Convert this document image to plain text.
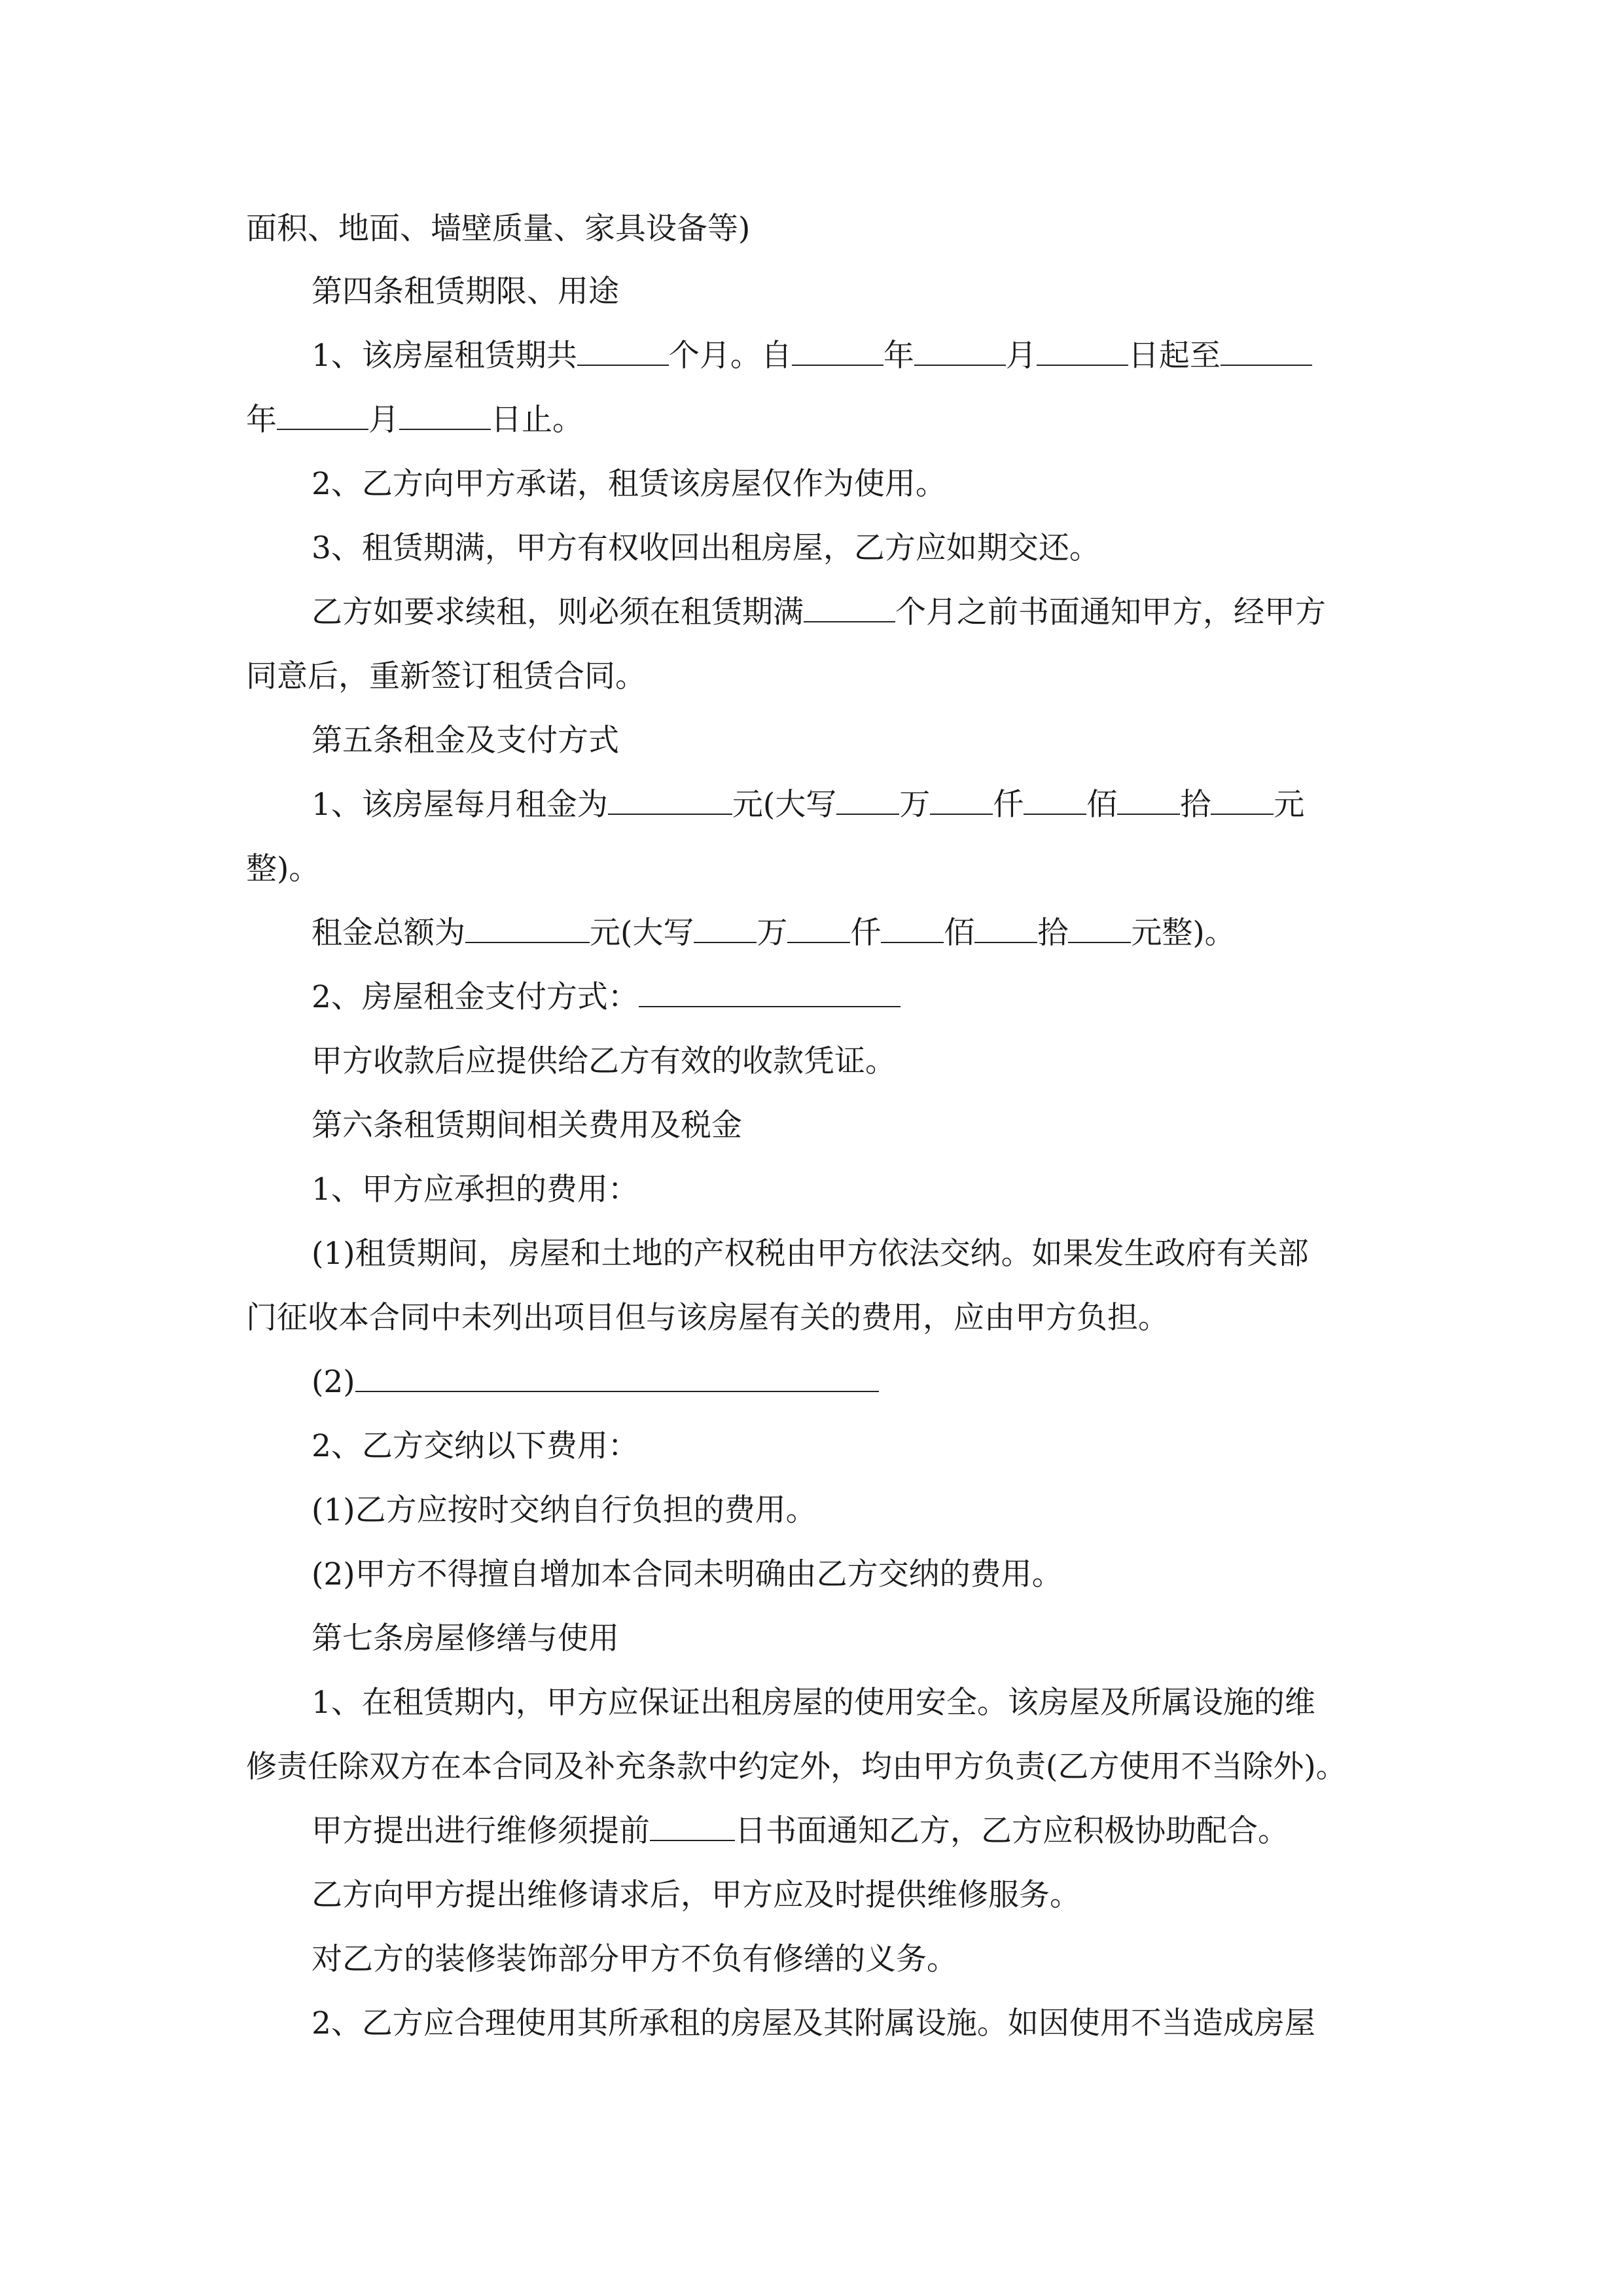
面积、地面、墙壁质量、家具设备等)
第四条租赁期限、用途
1、该房屋租赁期共	个月。自	年	月	日起至
年	月	日止。
2、乙方向甲方承诺，租赁该房屋仅作为使用。
3、租赁期满，甲方有权收回出租房屋，乙方应如期交还。
乙方如要求续租，则必须在租赁期满	个月之前书面通知甲方，经甲方
同意后，重新签订租赁合同。
第五条租金及支付方式
1、该房屋每月租金为	元(大写 万 仟 佰 拾 元
整)。
租金总额为	元(大写 万 仟 佰 拾 元整)。
2、房屋租金支付方式：
甲方收款后应提供给乙方有效的收款凭证。
第六条租赁期间相关费用及税金
1、甲方应承担的费用：
(1)租赁期间，房屋和土地的产权税由甲方依法交纳。如果发生政府有关部
门征收本合同中未列出项目但与该房屋有关的费用，应由甲方负担。
(2)
2、乙方交纳以下费用：
(1)乙方应按时交纳自行负担的费用。
(2)甲方不得擅自增加本合同未明确由乙方交纳的费用。
第七条房屋修缮与使用
1、在租赁期内，甲方应保证出租房屋的使用安全。该房屋及所属设施的维
修责任除双方在本合同及补充条款中约定外，均由甲方负责(乙方使用不当除外)。
甲方提出进行维修须提前	日书面通知乙方，乙方应积极协助配合。
乙方向甲方提出维修请求后，甲方应及时提供维修服务。
对乙方的装修装饰部分甲方不负有修缮的义务。
2、乙方应合理使用其所承租的房屋及其附属设施。如因使用不当造成房屋
